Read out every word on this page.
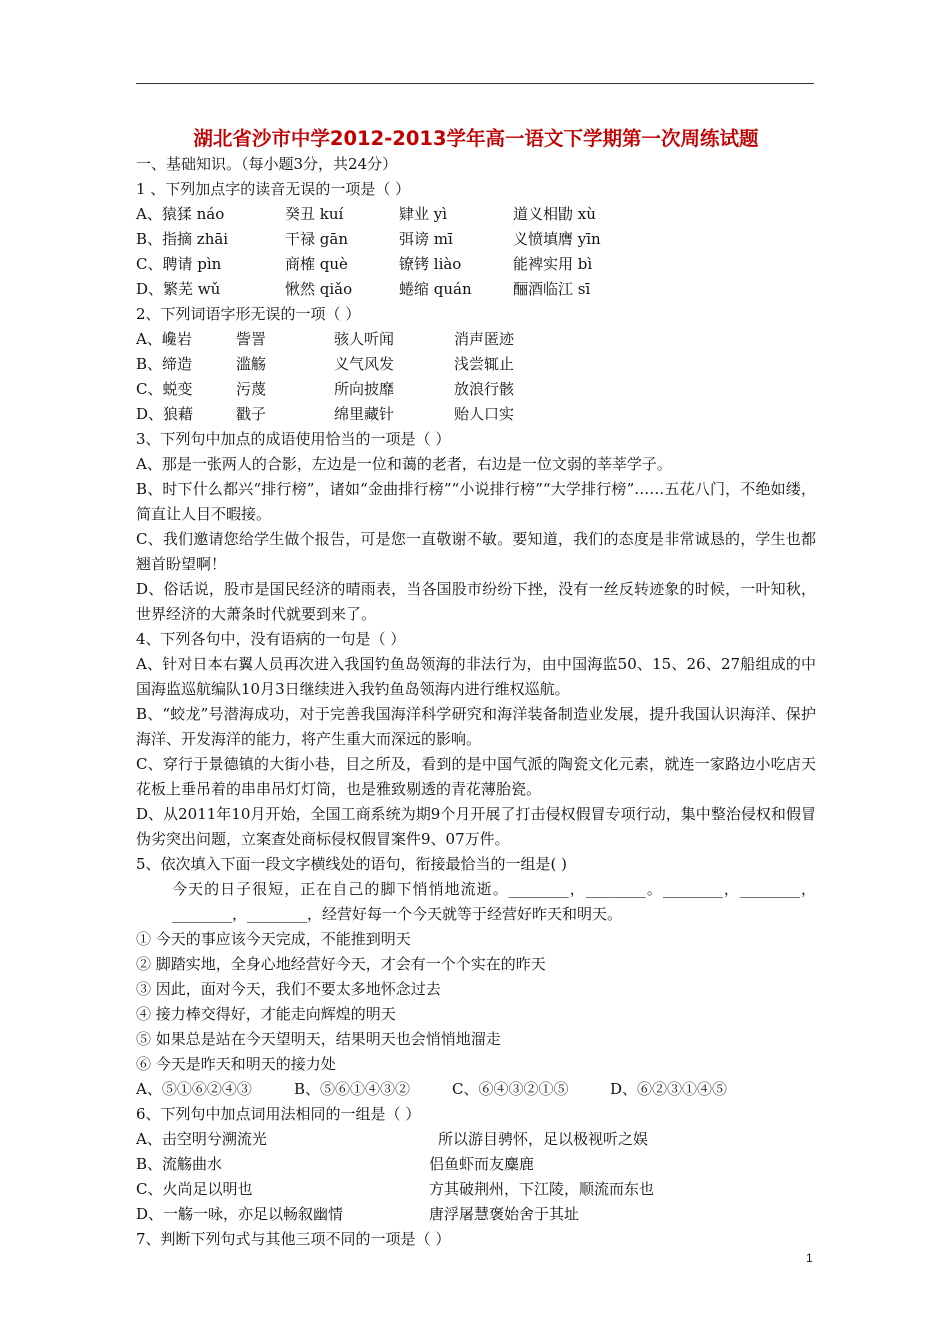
湖北省沙市中学2012-2013学年高一语文下学期第一次周练试题
一、基础知识。（每小题3分，共24分）
1 、下列加点字的读音无误的一项是（ ）
A、猿猱 náo	癸丑 kuí	肄业 yì	道义相勖 xù
B、指摘 zhāi	干禄 gān	弭谤 mī	义愤填膺 yīn
C、聘请 pìn	商榷 què	镣铐 liào	能裨实用 bì
D、繁芜 wǔ	愀然 qiǎo	蜷缩 quán	酾酒临江 sī
2、下列词语字形无误的一项（ ）
A、巉岩	訾詈	骇人听闻	消声匿迹
B、缔造	滥觞	义气风发	浅尝辄止
C、蜕变	污蔑	所向披靡	放浪行骸
D、狼藉	戳子	绵里藏针	贻人口实
3、下列句中加点的成语使用恰当的一项是（ ）
A、那是一张两人的合影，左边是一位和蔼的老者，右边是一位文弱的莘莘学子。
B、时下什么都兴“排行榜”，诸如“金曲排行榜”“小说排行榜”“大学排行榜”……五花八门，不绝如缕，简直让人目不暇接。
C、我们邀请您给学生做个报告，可是您一直敬谢不敏。要知道，我们的态度是非常诚恳的，学生也都翘首盼望啊！
D、俗话说，股市是国民经济的晴雨表，当各国股市纷纷下挫，没有一丝反转迹象的时候，一叶知秋，世界经济的大萧条时代就要到来了。
4、下列各句中，没有语病的一句是（ ）
A、针对日本右翼人员再次进入我国钓鱼岛领海的非法行为，由中国海监50、15、26、27船组成的中国海监巡航编队10月3日继续进入我钓鱼岛领海内进行维权巡航。
B、“蛟龙”号潜海成功，对于完善我国海洋科学研究和海洋装备制造业发展，提升我国认识海洋、保护海洋、开发海洋的能力，将产生重大而深远的影响。
C、穿行于景德镇的大街小巷，目之所及，看到的是中国气派的陶瓷文化元素，就连一家路边小吃店天花板上垂吊着的串串吊灯灯筒，也是雅致剔透的青花薄胎瓷。
D、从2011年10月开始，全国工商系统为期9个月开展了打击侵权假冒专项行动，集中整治侵权和假冒伪劣突出问题，立案查处商标侵权假冒案件9、07万件。
5、依次填入下面一段文字横线处的语句，衔接最恰当的一组是( )
今天的日子很短，正在自己的脚下悄悄地流逝。________，________。________，________，________，________，经营好每一个今天就等于经营好昨天和明天。
① 今天的事应该今天完成，不能推到明天
② 脚踏实地，全身心地经营好今天，才会有一个个实在的昨天
③ 因此，面对今天，我们不要太多地怀念过去
④ 接力棒交得好，才能走向辉煌的明天
⑤ 如果总是站在今天望明天，结果明天也会悄悄地溜走
⑥ 今天是昨天和明天的接力处
A、⑤①⑥②④③	B、⑤⑥①④③②	C、⑥④③②①⑤	D、⑥②③①④⑤
6、下列句中加点词用法相同的一组是（ ）
A、击空明兮溯流光	所以游目骋怀，足以极视听之娱
B、流觞曲水	侣鱼虾而友麋鹿
C、火尚足以明也	方其破荆州，下江陵，顺流而东也
D、一觞一咏，亦足以畅叙幽情	唐浮屠慧褒始舍于其址
7、判断下列句式与其他三项不同的一项是（ ）
1
